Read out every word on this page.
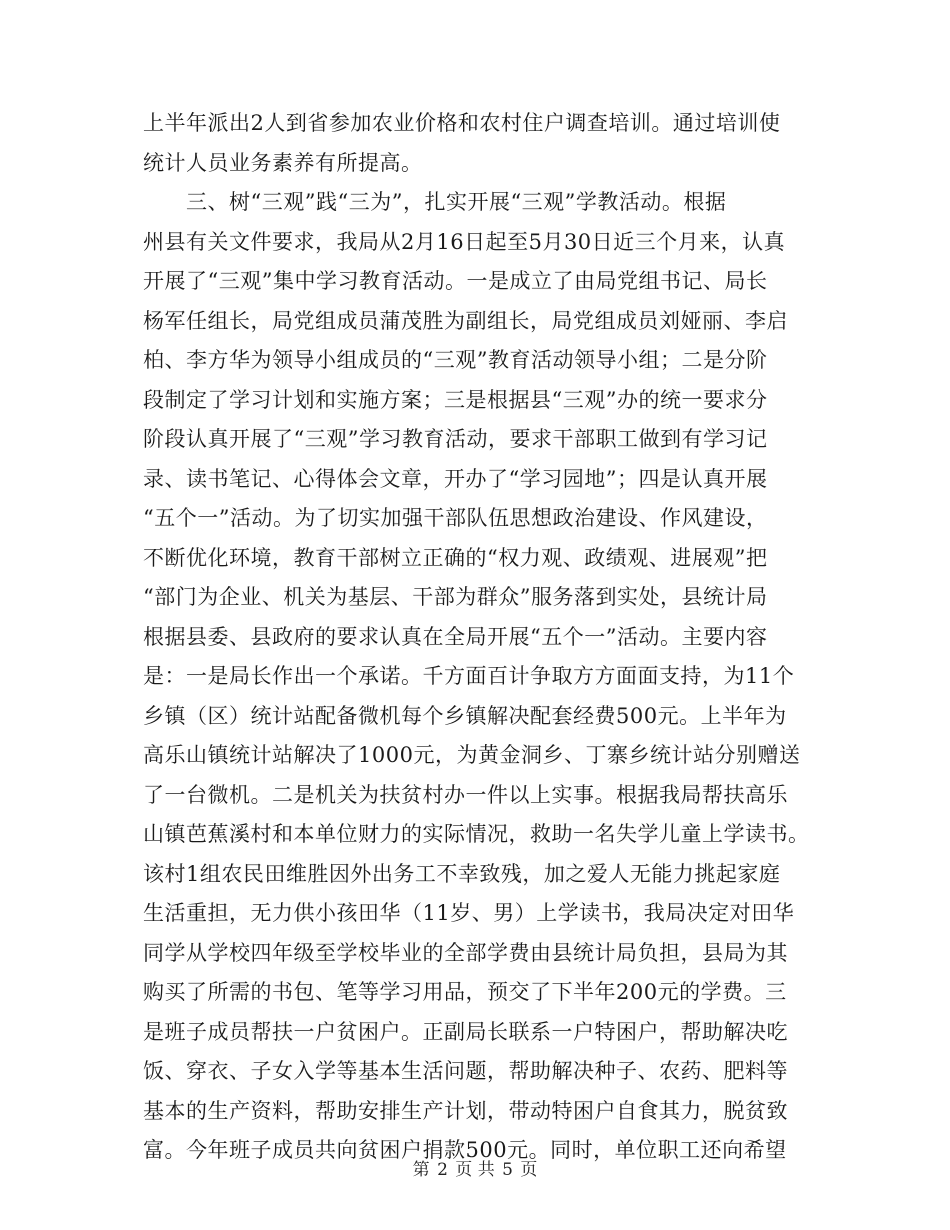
上半年派出2人到省参加农业价格和农村住户调查培训。通过培训使
统计人员业务素养有所提高。
　　三、树“三观”践“三为”，扎实开展“三观”学教活动。根据
州县有关文件要求，我局从2月16日起至5月30日近三个月来，认真
开展了“三观”集中学习教育活动。一是成立了由局党组书记、局长
杨军任组长，局党组成员蒲茂胜为副组长，局党组成员刘娅丽、李启
柏、李方华为领导小组成员的“三观”教育活动领导小组；二是分阶
段制定了学习计划和实施方案；三是根据县“三观”办的统一要求分
阶段认真开展了“三观”学习教育活动，要求干部职工做到有学习记
录、读书笔记、心得体会文章，开办了“学习园地”；四是认真开展
“五个一”活动。为了切实加强干部队伍思想政治建设、作风建设，
不断优化环境，教育干部树立正确的“权力观、政绩观、进展观”把
“部门为企业、机关为基层、干部为群众”服务落到实处，县统计局
根据县委、县政府的要求认真在全局开展“五个一”活动。主要内容
是：一是局长作出一个承诺。千方面百计争取方方面面支持，为11个
乡镇（区）统计站配备微机每个乡镇解决配套经费500元。上半年为
高乐山镇统计站解决了1000元，为黄金洞乡、丁寨乡统计站分别赠送
了一台微机。二是机关为扶贫村办一件以上实事。根据我局帮扶高乐
山镇芭蕉溪村和本单位财力的实际情况，救助一名失学儿童上学读书。
该村1组农民田维胜因外出务工不幸致残，加之爱人无能力挑起家庭
生活重担，无力供小孩田华（11岁、男）上学读书，我局决定对田华
同学从学校四年级至学校毕业的全部学费由县统计局负担，县局为其
购买了所需的书包、笔等学习用品，预交了下半年200元的学费。三
是班子成员帮扶一户贫困户。正副局长联系一户特困户，帮助解决吃
饭、穿衣、子女入学等基本生活问题，帮助解决种子、农药、肥料等
基本的生产资料，帮助安排生产计划，带动特困户自食其力，脱贫致
富。今年班子成员共向贫困户捐款500元。同时，单位职工还向希望
第 2 页 共 5 页
